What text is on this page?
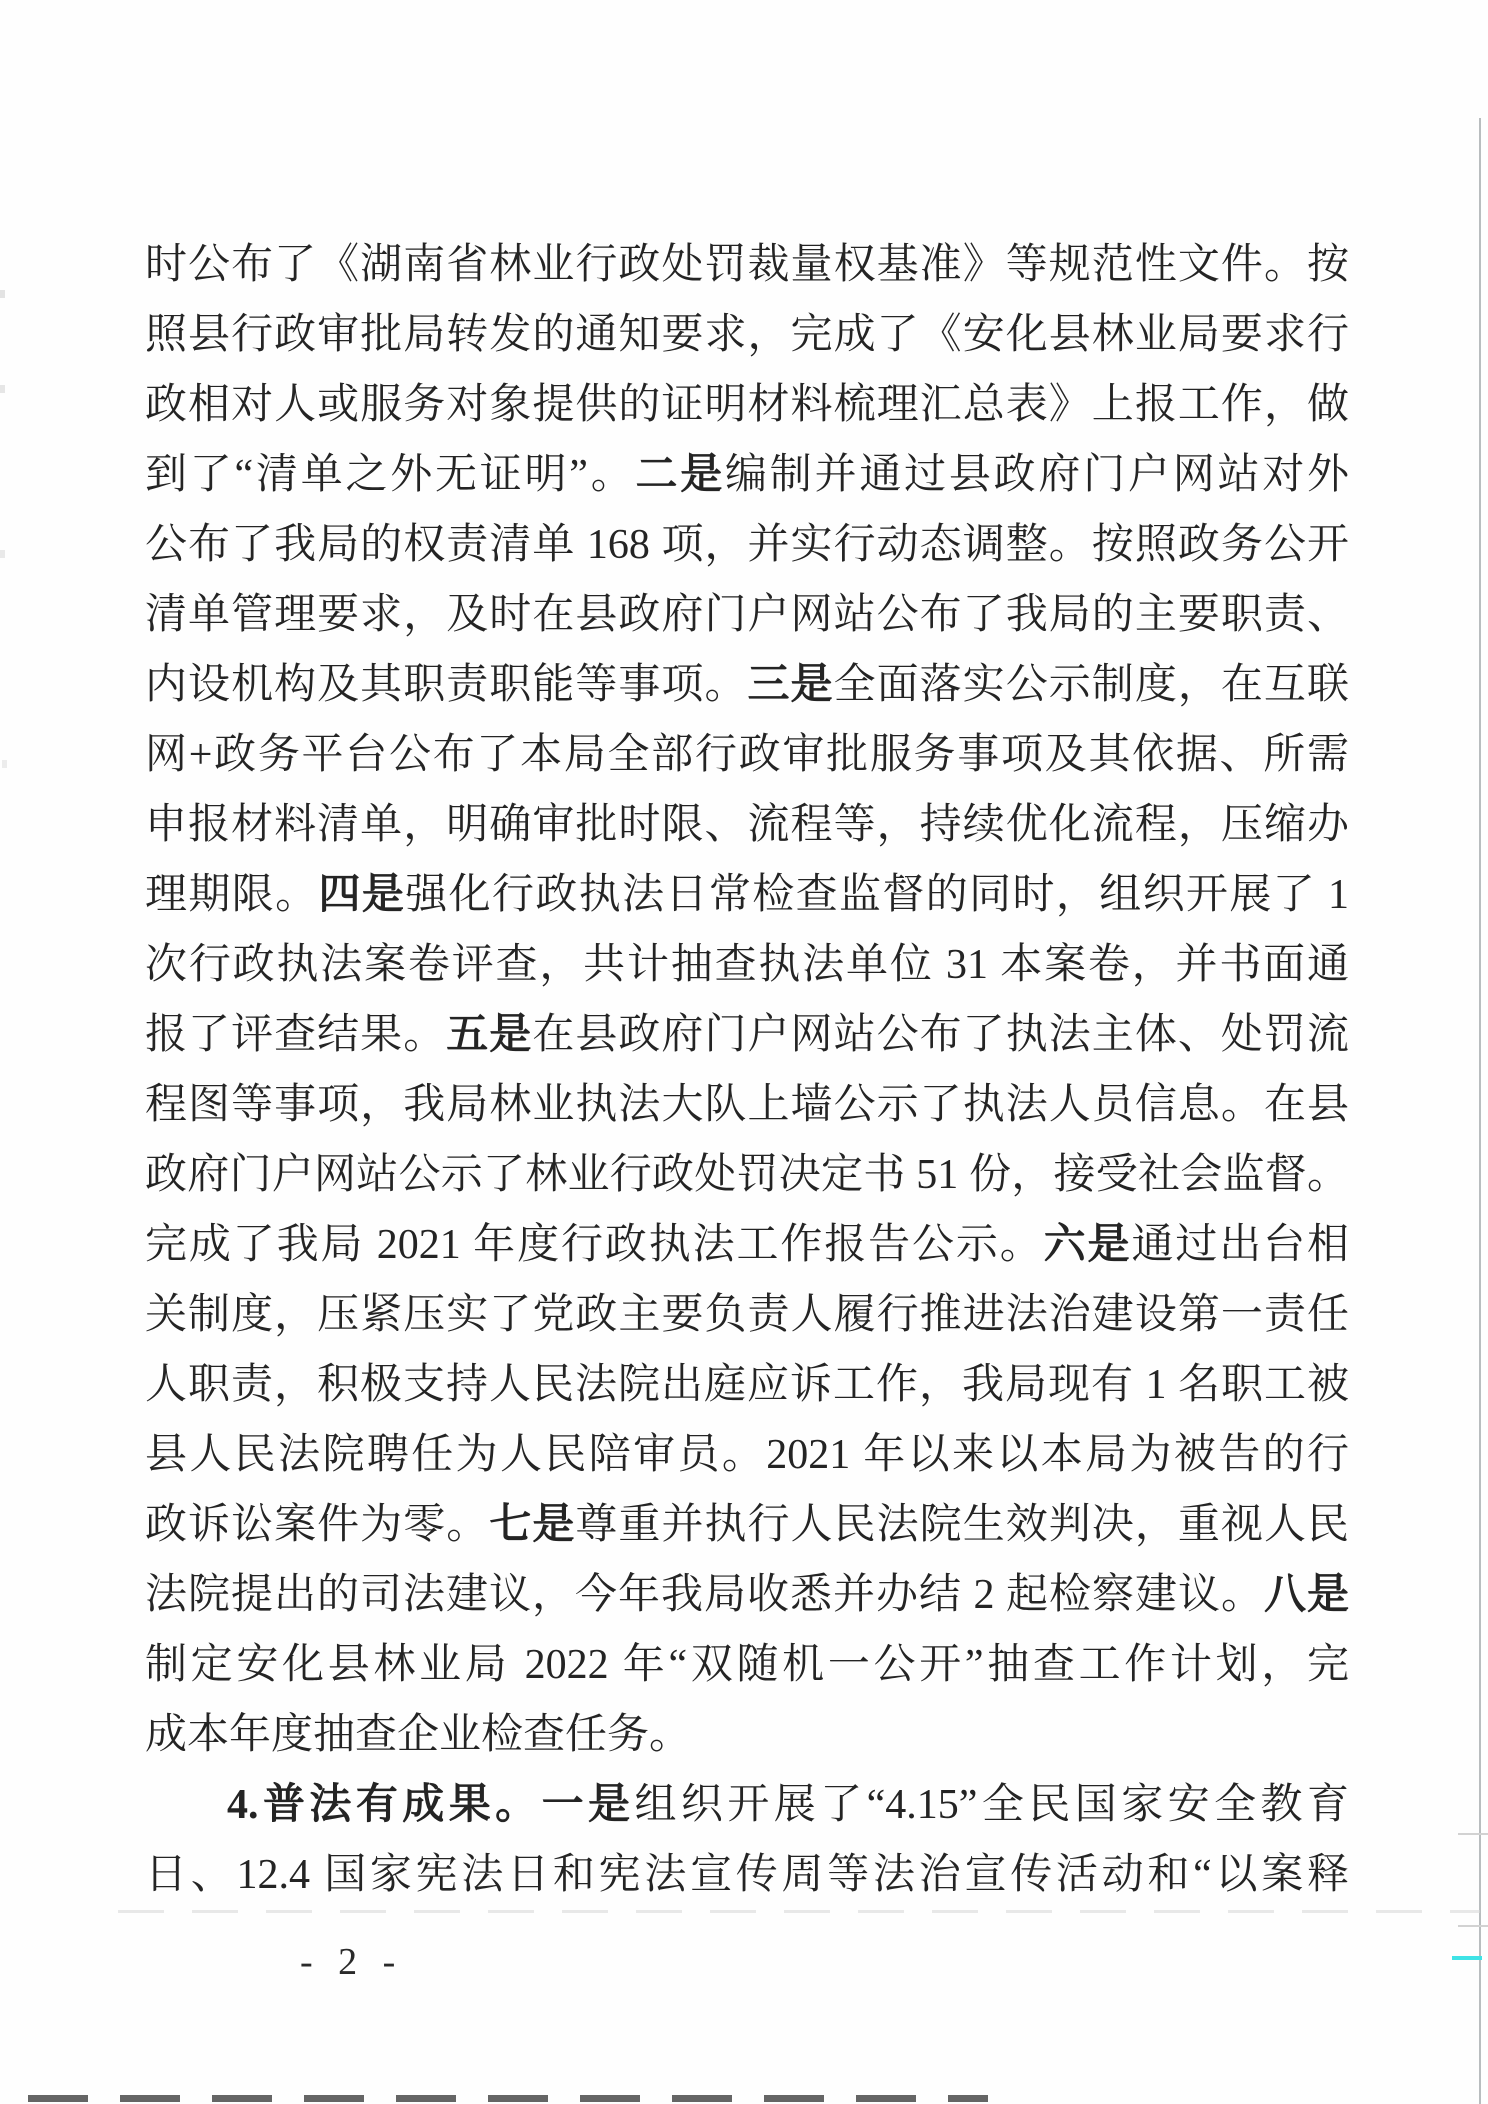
时公布了《湖南省林业行政处罚裁量权基准》等规范性文件。按
照县行政审批局转发的通知要求，完成了《安化县林业局要求行
政相对人或服务对象提供的证明材料梳理汇总表》上报工作，做
到了“清单之外无证明”。二是编制并通过县政府门户网站对外
公布了我局的权责清单 168 项，并实行动态调整。按照政务公开
清单管理要求，及时在县政府门户网站公布了我局的主要职责、
内设机构及其职责职能等事项。三是全面落实公示制度，在互联
网+政务平台公布了本局全部行政审批服务事项及其依据、所需
申报材料清单，明确审批时限、流程等，持续优化流程，压缩办
理期限。四是强化行政执法日常检查监督的同时，组织开展了 1
次行政执法案卷评查，共计抽查执法单位 31 本案卷，并书面通
报了评查结果。五是在县政府门户网站公布了执法主体、处罚流
程图等事项，我局林业执法大队上墙公示了执法人员信息。在县
政府门户网站公示了林业行政处罚决定书 51 份，接受社会监督。
完成了我局 2021 年度行政执法工作报告公示。六是通过出台相
关制度，压紧压实了党政主要负责人履行推进法治建设第一责任
人职责，积极支持人民法院出庭应诉工作，我局现有 1 名职工被
县人民法院聘任为人民陪审员。2021 年以来以本局为被告的行
政诉讼案件为零。七是尊重并执行人民法院生效判决，重视人民
法院提出的司法建议，今年我局收悉并办结 2 起检察建议。八是
制定安化县林业局 2022 年“双随机一公开”抽查工作计划，完
成本年度抽查企业检查任务。
4.普法有成果。一是组织开展了“4.15”全民国家安全教育
日、12.4 国家宪法日和宪法宣传周等法治宣传活动和“以案释
- 2 -
